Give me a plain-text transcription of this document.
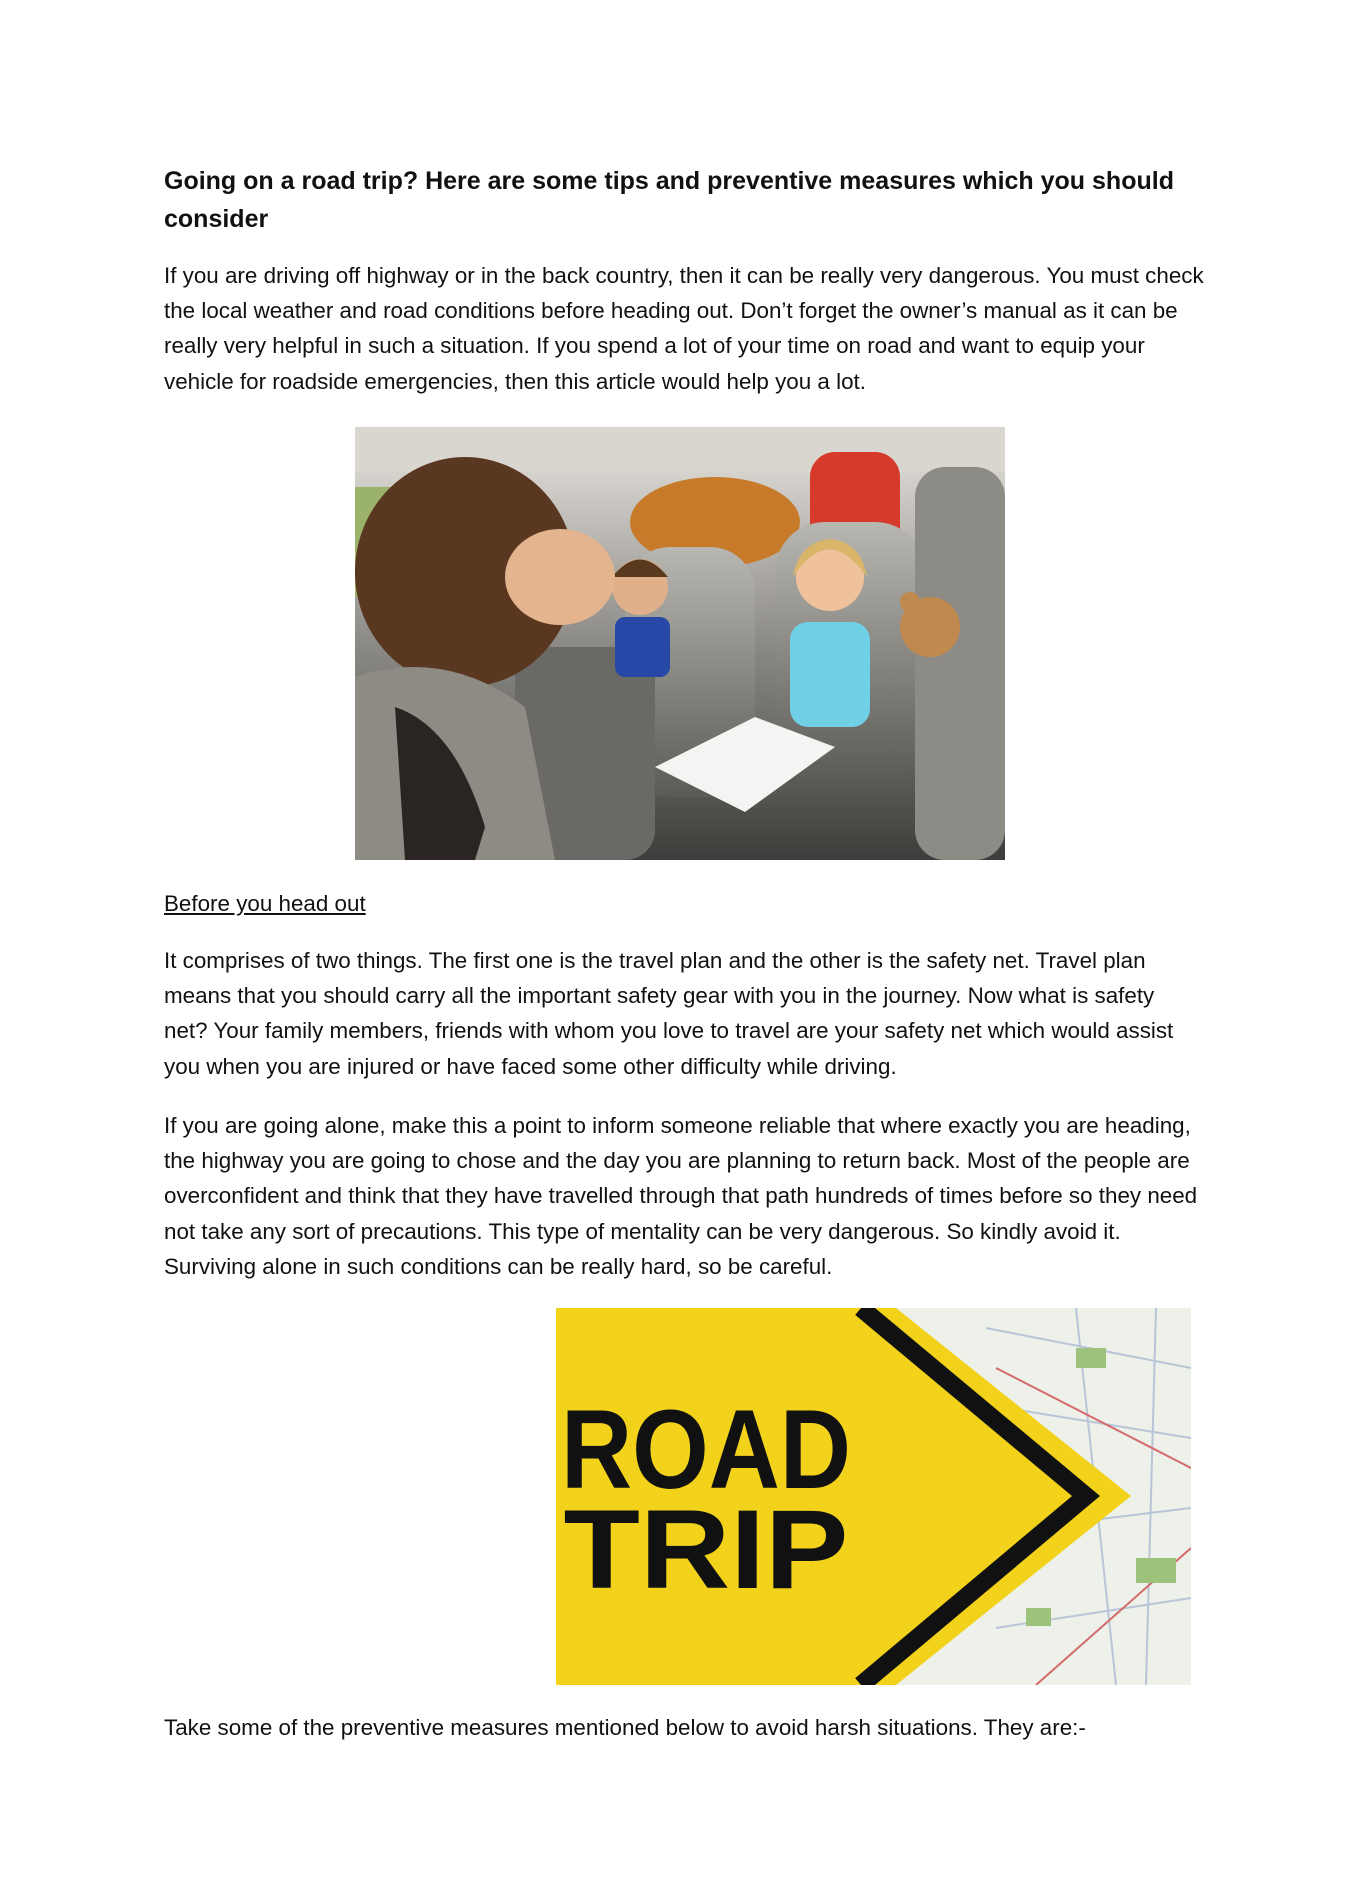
Going on a road trip? Here are some tips and preventive measures which you should consider

If you are driving off highway or in the back country, then it can be really very dangerous. You must check the local weather and road conditions before heading out. Don’t forget the owner’s manual as it can be really very helpful in such a situation. If you spend a lot of your time on road and want to equip your vehicle for roadside emergencies, then this article would help you a lot.

Before you head out

It comprises of two things. The first one is the travel plan and the other is the safety net. Travel plan means that you should carry all the important safety gear with you in the journey. Now what is safety net? Your family members, friends with whom you love to travel are your safety net which would assist you when you are injured or have faced some other difficulty while driving.

If you are going alone, make this a point to inform someone reliable that where exactly you are heading, the highway you are going to chose and the day you are planning to return back. Most of the people are overconfident and think that they have travelled through that path hundreds of times before so they need not take any sort of precautions. This type of mentality can be very dangerous. So kindly avoid it. Surviving alone in such conditions can be really hard, so be careful.

ROAD
TRIP

Take some of the preventive measures mentioned below to avoid harsh situations. They are:-
